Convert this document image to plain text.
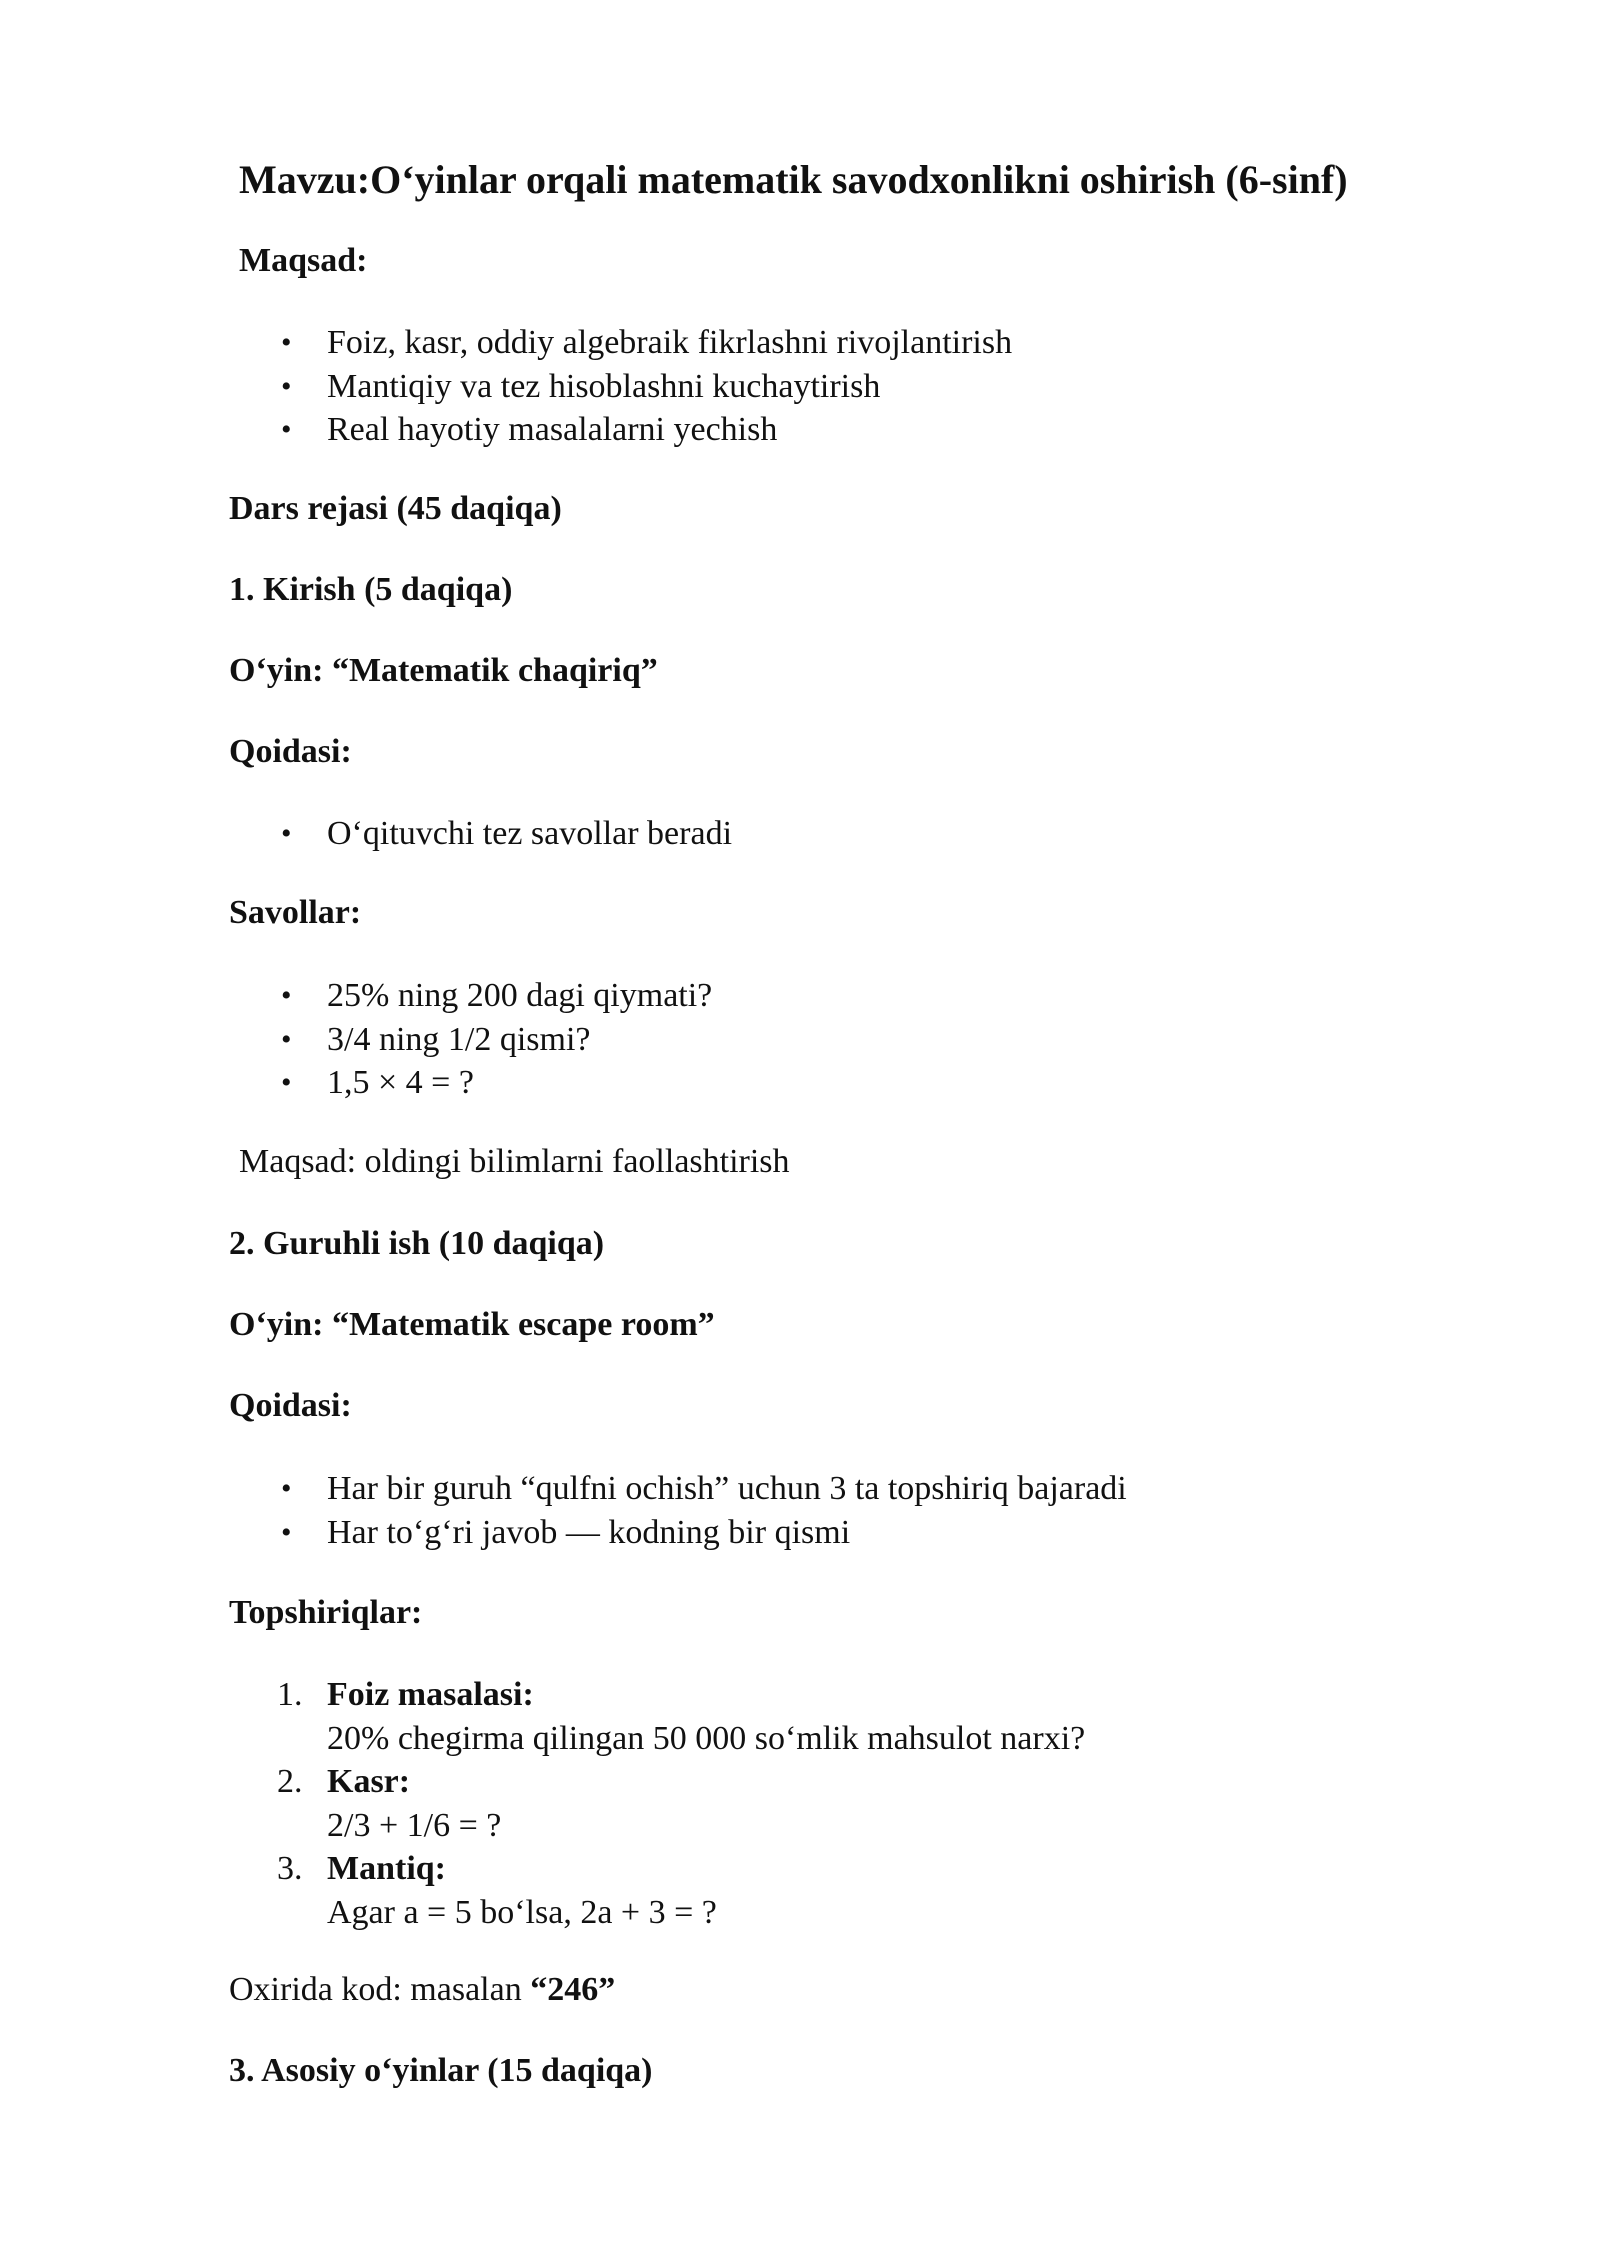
Mavzu:O‘yinlar orqali matematik savodxonlikni oshirish (6-sinf)
Maqsad:
• Foiz, kasr, oddiy algebraik fikrlashni rivojlantirish
• Mantiqiy va tez hisoblashni kuchaytirish
• Real hayotiy masalalarni yechish
Dars rejasi (45 daqiqa)
1. Kirish (5 daqiqa)
O‘yin: “Matematik chaqiriq”
Qoidasi:
• O‘qituvchi tez savollar beradi
Savollar:
• 25% ning 200 dagi qiymati?
• 3/4 ning 1/2 qismi?
• 1,5 × 4 = ?
Maqsad: oldingi bilimlarni faollashtirish
2. Guruhli ish (10 daqiqa)
O‘yin: “Matematik escape room”
Qoidasi:
• Har bir guruh “qulfni ochish” uchun 3 ta topshiriq bajaradi
• Har to‘g‘ri javob — kodning bir qismi
Topshiriqlar:
1. Foiz masalasi:
20% chegirma qilingan 50 000 so‘mlik mahsulot narxi?
2. Kasr:
2/3 + 1/6 = ?
3. Mantiq:
Agar a = 5 bo‘lsa, 2a + 3 = ?
Oxirida kod: masalan “246”
3. Asosiy o‘yinlar (15 daqiqa)
